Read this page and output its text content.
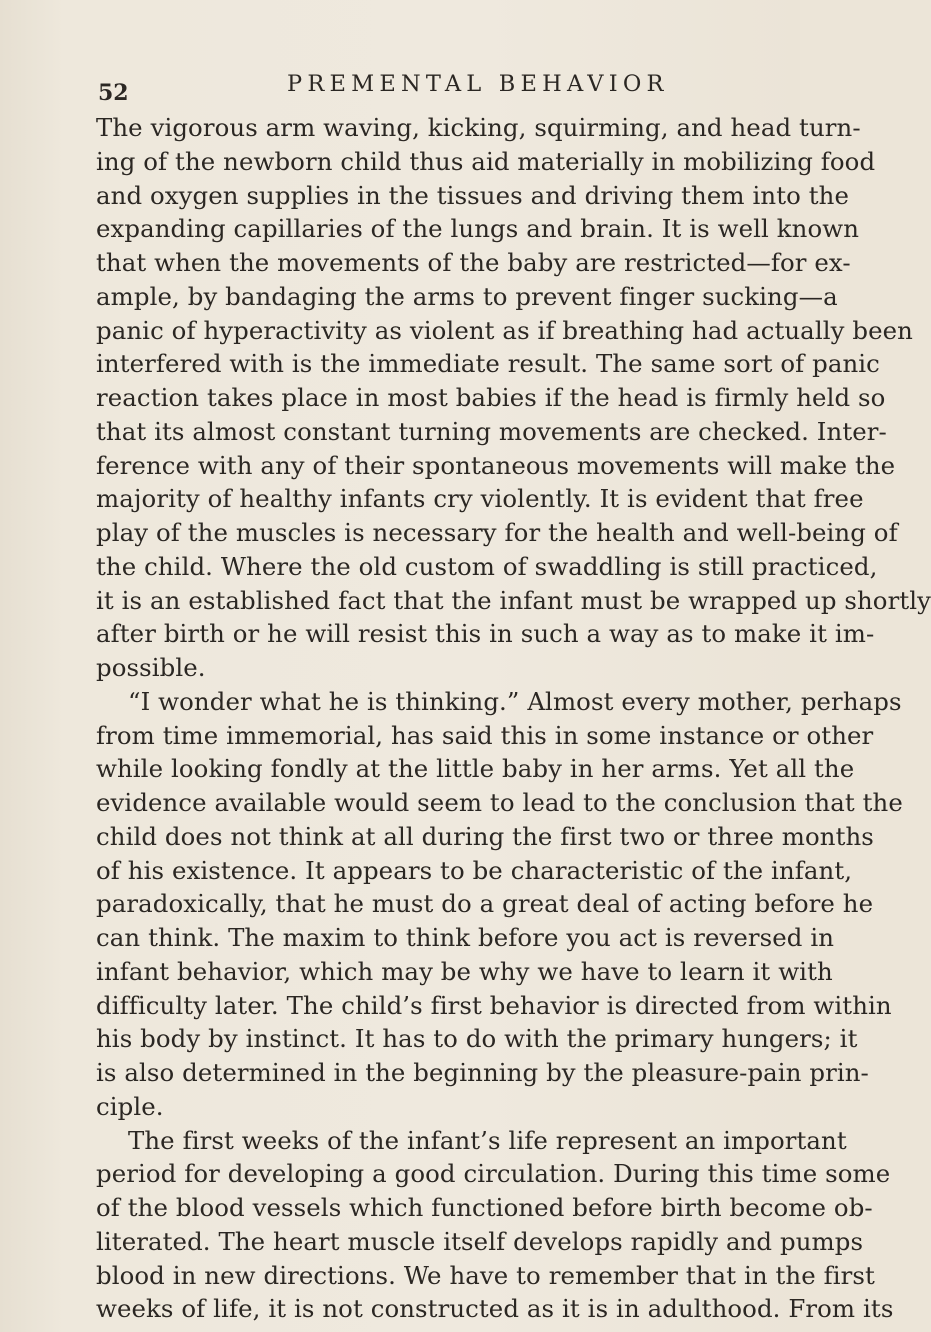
52	PREMENTAL BEHAVIOR
The vigorous arm waving, kicking, squirming, and head turn-
ing of the newborn child thus aid materially in mobilizing food
and oxygen supplies in the tissues and driving them into the
expanding capillaries of the lungs and brain. It is well known
that when the movements of the baby are restricted—for ex-
ample, by bandaging the arms to prevent finger sucking—a
panic of hyperactivity as violent as if breathing had actually been
interfered with is the immediate result. The same sort of panic
reaction takes place in most babies if the head is firmly held so
that its almost constant turning movements are checked. Inter-
ference with any of their spontaneous movements will make the
majority of healthy infants cry violently. It is evident that free
play of the muscles is necessary for the health and well-being of
the child. Where the old custom of swaddling is still practiced,
it is an established fact that the infant must be wrapped up shortly
after birth or he will resist this in such a way as to make it im-
possible.
“I wonder what he is thinking.” Almost every mother, perhaps
from time immemorial, has said this in some instance or other
while looking fondly at the little baby in her arms. Yet all the
evidence available would seem to lead to the conclusion that the
child does not think at all during the first two or three months
of his existence. It appears to be characteristic of the infant,
paradoxically, that he must do a great deal of acting before he
can think. The maxim to think before you act is reversed in
infant behavior, which may be why we have to learn it with
difficulty later. The child’s first behavior is directed from within
his body by instinct. It has to do with the primary hungers; it
is also determined in the beginning by the pleasure-pain prin-
ciple.
The first weeks of the infant’s life represent an important
period for developing a good circulation. During this time some
of the blood vessels which functioned before birth become ob-
literated. The heart muscle itself develops rapidly and pumps
blood in new directions. We have to remember that in the first
weeks of life, it is not constructed as it is in adulthood. From its
